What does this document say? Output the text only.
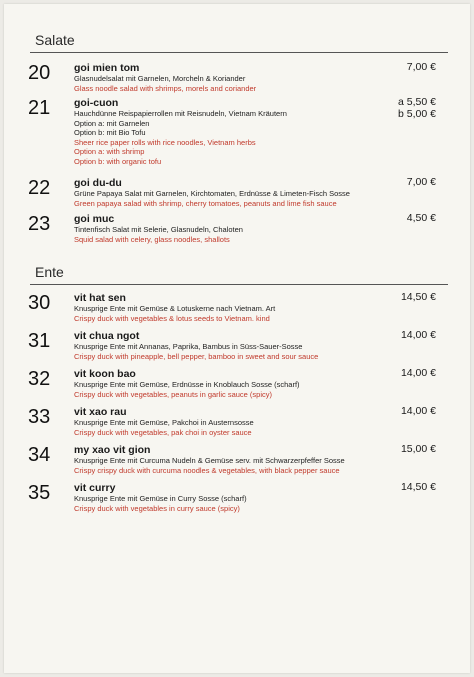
Salate
20 goi mien tom
Glasnudelsalat mit Garnelen, Morcheln & Koriander
Glass noodle salad with shrimps, morels and coriander
7,00 €
21 goi-cuon
Hauchdünne Reispapierrollen mit Reisnudeln, Vietnam Kräutern
Option a: mit Garnelen
Option b: mit Bio Tofu
Sheer rice paper rolls with rice noodles, Vietnam herbs
Option a: with shrimp
Option b: with organic tofu
a 5,50 €
b 5,00 €
22 goi du-du
Grüne Papaya Salat mit Garnelen, Kirchtomaten, Erdnüsse & Limeten-Fisch Sosse
Green papaya salad with shrimp, cherry tomatoes, peanuts and lime fish sauce
7,00 €
23 goi muc
Tintenfisch Salat mit Selerie, Glasnudeln, Chaloten
Squid salad with celery, glass noodles, shallots
4,50 €
Ente
30 vit hat sen
Knusprige Ente mit Gemüse & Lotuskerne nach Vietnam. Art
Crispy duck with vegetables & lotus seeds to Vietnam. kind
14,50 €
31 vit chua ngot
Knusprige Ente mit Annanas, Paprika, Bambus in Süss-Sauer-Sosse
Crispy duck with pineapple, bell pepper, bamboo in sweet and sour sauce
14,00 €
32 vit koon bao
Knusprige Ente mit Gemüse, Erdnüsse in Knoblauch Sosse (scharf)
Crispy duck with vegetables, peanuts in garlic sauce (spicy)
14,00 €
33 vit xao rau
Knusprige Ente mit Gemüse, Pakchoi in Austernsosse
Crispy duck with vegetables, pak choi in oyster sauce
14,00 €
34 my xao vit gion
Knusprige Ente mit Curcuma Nudeln & Gemüse serv. mit Schwarzerpfeffer Sosse
Crispy crispy duck with curcuma noodles & vegetables, with black pepper sauce
15,00 €
35 vit curry
Knusprige Ente mit Gemüse in Curry Sosse (scharf)
Crispy duck with vegetables in curry sauce (spicy)
14,50 €
